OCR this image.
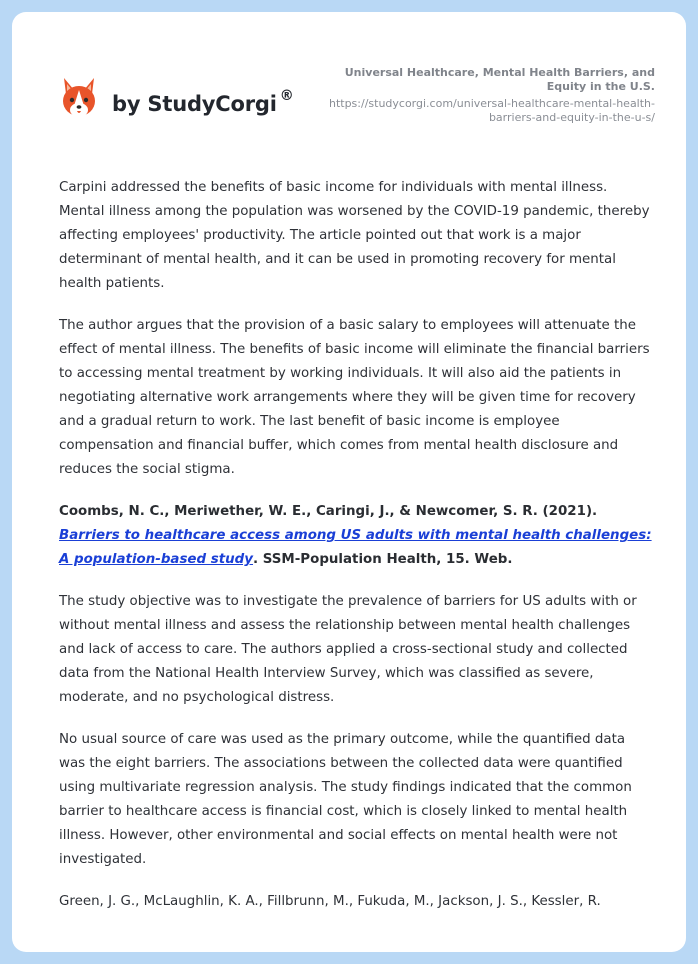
by StudyCorgi ®
Universal Healthcare, Mental Health Barriers, and Equity in the U.S.
https://studycorgi.com/universal-healthcare-mental-health-barriers-and-equity-in-the-u-s/

Carpini addressed the benefits of basic income for individuals with mental illness. Mental illness among the population was worsened by the COVID-19 pandemic, thereby affecting employees' productivity. The article pointed out that work is a major determinant of mental health, and it can be used in promoting recovery for mental health patients.

The author argues that the provision of a basic salary to employees will attenuate the effect of mental illness. The benefits of basic income will eliminate the financial barriers to accessing mental treatment by working individuals. It will also aid the patients in negotiating alternative work arrangements where they will be given time for recovery and a gradual return to work. The last benefit of basic income is employee compensation and financial buffer, which comes from mental health disclosure and reduces the social stigma.

Coombs, N. C., Meriwether, W. E., Caringi, J., & Newcomer, S. R. (2021). Barriers to healthcare access among US adults with mental health challenges: A population-based study. SSM-Population Health, 15. Web.

The study objective was to investigate the prevalence of barriers for US adults with or without mental illness and assess the relationship between mental health challenges and lack of access to care. The authors applied a cross-sectional study and collected data from the National Health Interview Survey, which was classified as severe, moderate, and no psychological distress.

No usual source of care was used as the primary outcome, while the quantified data was the eight barriers. The associations between the collected data were quantified using multivariate regression analysis. The study findings indicated that the common barrier to healthcare access is financial cost, which is closely linked to mental health illness. However, other environmental and social effects on mental health were not investigated.

Green, J. G., McLaughlin, K. A., Fillbrunn, M., Fukuda, M., Jackson, J. S., Kessler, R.
